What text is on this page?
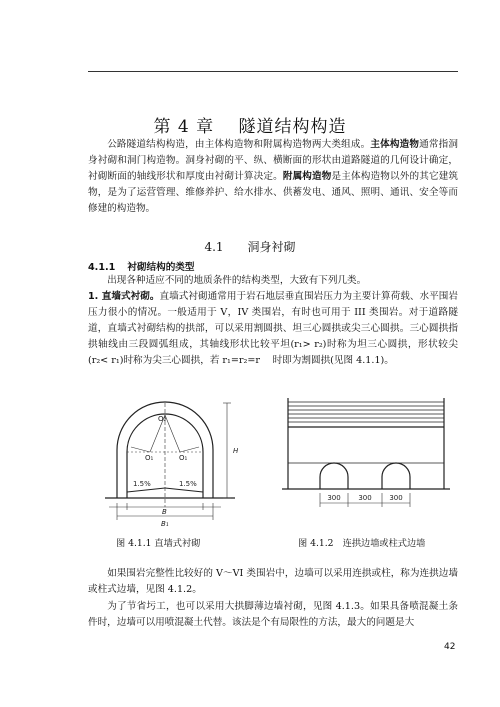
第 4 章　 隧道结构构造
公路隧道结构构造，由主体构造物和附属构造物两大类组成。主体构造物通常指洞身衬砌和洞门构造物。洞身衬砌的平、纵、横断面的形状由道路隧道的几何设计确定，衬砌断面的轴线形状和厚度由衬砌计算决定。附属构造物是主体构造物以外的其它建筑物，是为了运营管理、维修养护、给水排水、供蓄发电、通风、照明、通讯、安全等而修建的构造物。
4.1　　 洞身衬砌
4.1.1 衬砌结构的类型
出现各种适应不同的地质条件的结构类型，大致有下列几类。
1. 直墙式衬砌。直墙式衬砌通常用于岩石地层垂直围岩压力为主要计算荷载、水平围岩压力很小的情况。一般适用于 V，IV 类围岩，有时也可用于 III 类围岩。对于道路隧道，直墙式衬砌结构的拱部，可以采用割圆拱、坦三心圆拱或尖三心圆拱。三心圆拱指拱轴线由三段圆弧组成，其轴线形状比较平坦(r₁> r₂)时称为坦三心圆拱，形状较尖(r₂< r₁)时称为尖三心圆拱，若 r₁=r₂=r 　时即为割圆拱(见图 4.1.1)。
O₁	O₁
O₂
1.5%	1.5%
B
B₁
H
300	300	300
图 4.1.1 直墙式衬砌	图 4.1.2　连拱边墙或柱式边墙
如果围岩完整性比较好的 V～VI 类围岩中，边墙可以采用连拱或柱，称为连拱边墙或柱式边墙，见图 4.1.2。
为了节省圬工，也可以采用大拱脚薄边墙衬砌，见图 4.1.3。如果具备喷混凝土条件时，边墙可以用喷混凝土代替。该法是个有局限性的方法，最大的问题是大
42
